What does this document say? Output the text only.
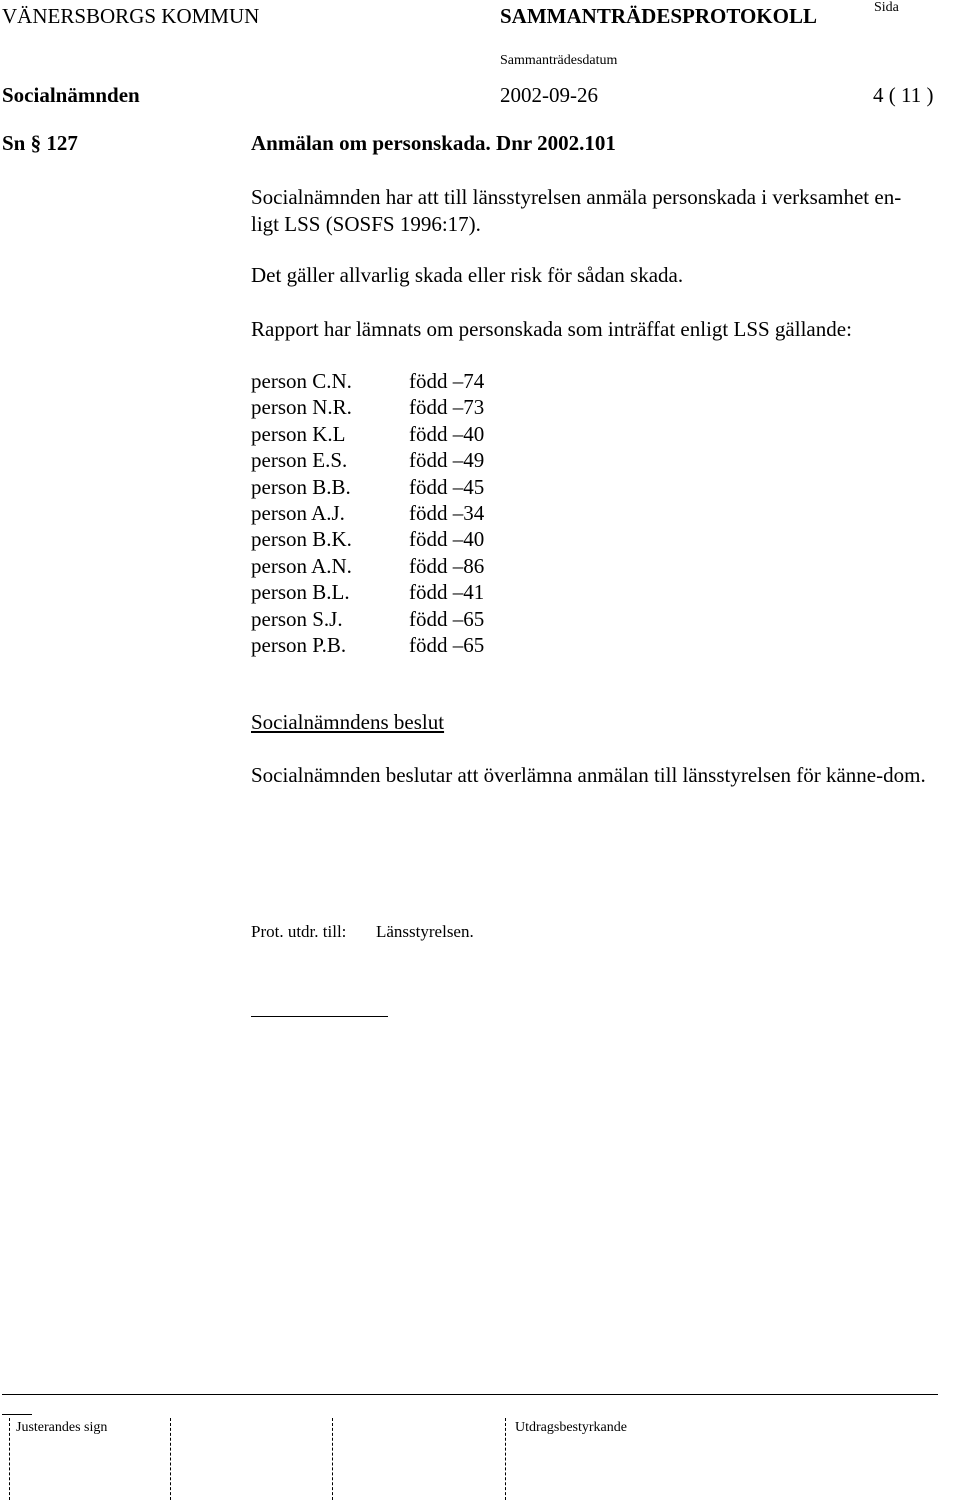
VÄNERSBORGS KOMMUN	SAMMANTRÄDESPROTOKOLL	Sida
Sammanträdesdatum
Socialnämnden	2002-09-26	4 ( 11 )
Sn § 127	Anmälan om personskada. Dnr 2002.101
Socialnämnden har att till länsstyrelsen anmäla personskada i verksamhet en-
ligt LSS (SOSFS 1996:17).
Det gäller allvarlig skada eller risk för sådan skada.
Rapport har lämnats om personskada som inträffat enligt LSS gällande:
person C.N.	född –74
person N.R.	född –73
person K.L	född –40
person E.S.	född –49
person B.B.	född –45
person A.J.	född –34
person B.K.	född –40
person A.N.	född –86
person B.L.	född –41
person S.J.	född –65
person P.B.	född –65
Socialnämndens beslut
Socialnämnden beslutar att överlämna anmälan till länsstyrelsen för känne-dom.
Prot. utdr. till: Länsstyrelsen.
Justerandes sign	Utdragsbestyrkande
